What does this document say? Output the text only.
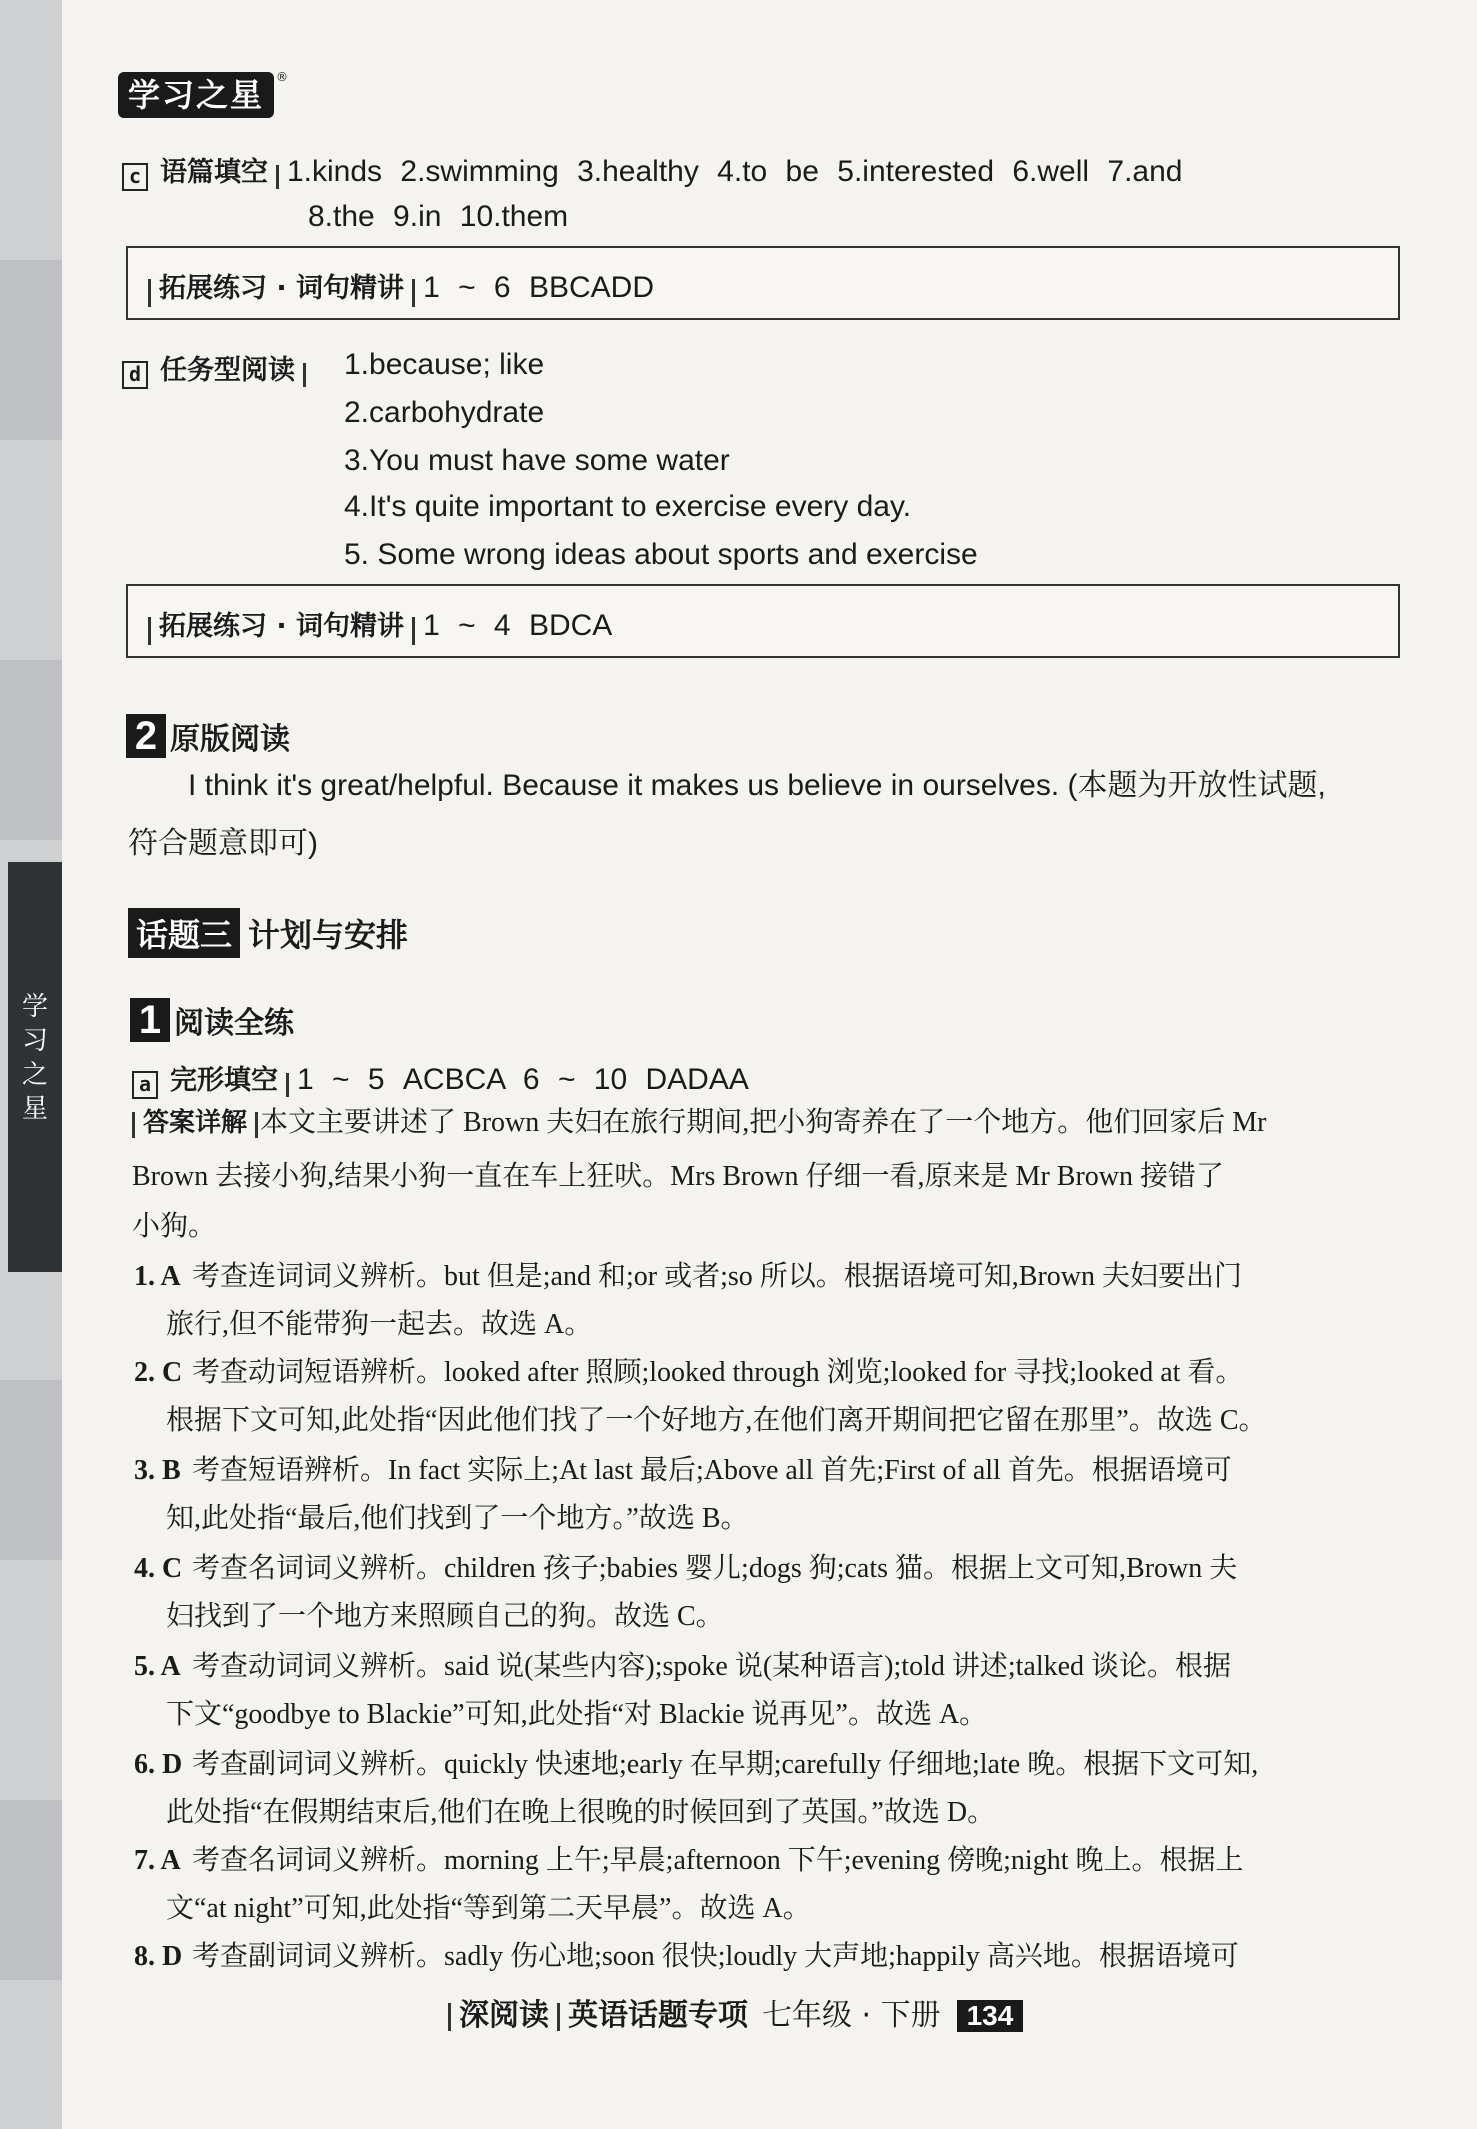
学习之星
学习之星 ®
c 语篇填空 1.kinds 2.swimming 3.healthy 4.to be 5.interested 6.well 7.and
8.the 9.in 10.them
拓展练习 · 词句精讲 1 ~ 6 BBCADD
d 任务型阅读	1.because; like
2.carbohydrate
3.You must have some water
4.It's quite important to exercise every day.
5. Some wrong ideas about sports and exercise
拓展练习 · 词句精讲 1 ~ 4 BDCA
2 原版阅读
I think it's great/helpful. Because it makes us believe in ourselves. (本题为开放性试题,
符合题意即可)
话题三 计划与安排
1 阅读全练
a 完形填空 1 ~ 5 ACBCA 6 ~ 10 DADAA
答案详解 本文主要讲述了 Brown 夫妇在旅行期间,把小狗寄养在了一个地方。他们回家后 Mr
Brown 去接小狗,结果小狗一直在车上狂吠。Mrs Brown 仔细一看,原来是 Mr Brown 接错了
小狗。
1. A 考查连词词义辨析。but 但是;and 和;or 或者;so 所以。根据语境可知,Brown 夫妇要出门
旅行,但不能带狗一起去。故选 A。
2. C 考查动词短语辨析。looked after 照顾;looked through 浏览;looked for 寻找;looked at 看。
根据下文可知,此处指“因此他们找了一个好地方,在他们离开期间把它留在那里”。故选 C。
3. B 考查短语辨析。In fact 实际上;At last 最后;Above all 首先;First of all 首先。根据语境可
知,此处指“最后,他们找到了一个地方。”故选 B。
4. C 考查名词词义辨析。children 孩子;babies 婴儿;dogs 狗;cats 猫。根据上文可知,Brown 夫
妇找到了一个地方来照顾自己的狗。故选 C。
5. A 考查动词词义辨析。said 说(某些内容);spoke 说(某种语言);told 讲述;talked 谈论。根据
下文“goodbye to Blackie”可知,此处指“对 Blackie 说再见”。故选 A。
6. D 考查副词词义辨析。quickly 快速地;early 在早期;carefully 仔细地;late 晚。根据下文可知,
此处指“在假期结束后,他们在晚上很晚的时候回到了英国。”故选 D。
7. A 考查名词词义辨析。morning 上午;早晨;afternoon 下午;evening 傍晚;night 晚上。根据上
文“at night”可知,此处指“等到第二天早晨”。故选 A。
8. D 考查副词词义辨析。sadly 伤心地;soon 很快;loudly 大声地;happily 高兴地。根据语境可
深阅读 英语话题专项 七年级 · 下册 134
